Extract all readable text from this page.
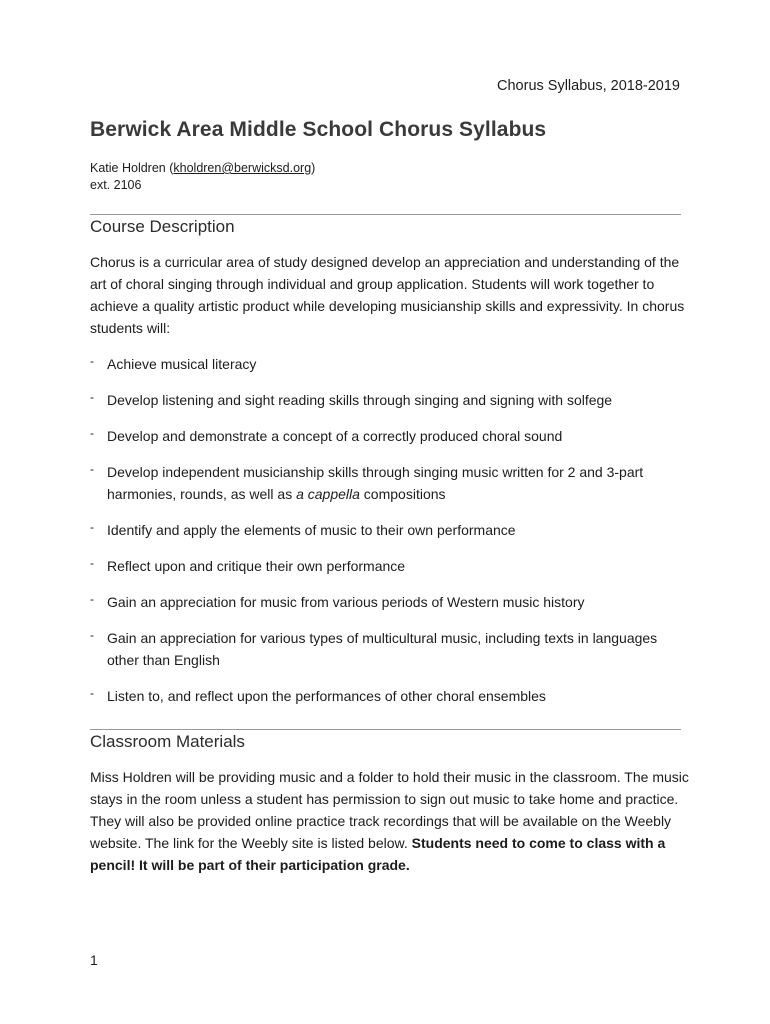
Chorus Syllabus, 2018-2019
Berwick Area Middle School Chorus Syllabus
Katie Holdren (kholdren@berwicksd.org)
ext. 2106
Course Description

Chorus is a curricular area of study designed develop an appreciation and understanding of the art of choral singing through individual and group application. Students will work together to achieve a quality artistic product while developing musicianship skills and expressivity. In chorus students will:

- Achieve musical literacy
- Develop listening and sight reading skills through singing and signing with solfege
- Develop and demonstrate a concept of a correctly produced choral sound
- Develop independent musicianship skills through singing music written for 2 and 3-part harmonies, rounds, as well as a cappella compositions
- Identify and apply the elements of music to their own performance
- Reflect upon and critique their own performance
- Gain an appreciation for music from various periods of Western music history
- Gain an appreciation for various types of multicultural music, including texts in languages other than English
- Listen to, and reflect upon the performances of other choral ensembles
Classroom Materials

Miss Holdren will be providing music and a folder to hold their music in the classroom. The music stays in the room unless a student has permission to sign out music to take home and practice. They will also be provided online practice track recordings that will be available on the Weebly website. The link for the Weebly site is listed below. Students need to come to class with a pencil! It will be part of their participation grade.

1
